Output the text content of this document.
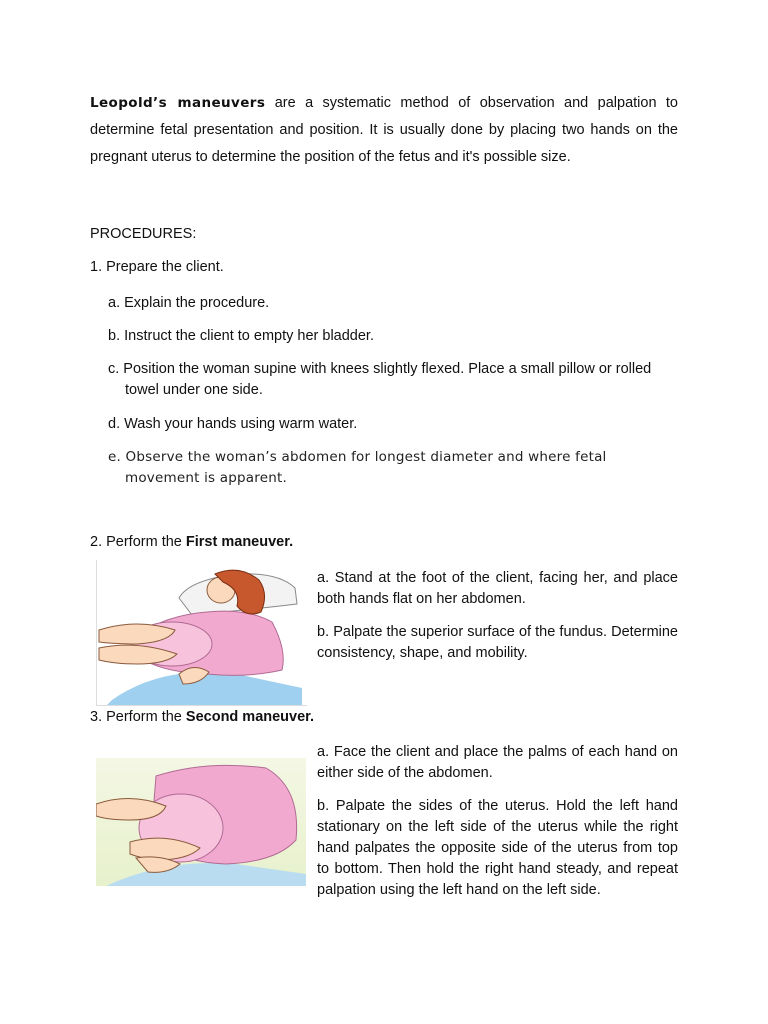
Leopold’s maneuvers are a systematic method of observation and palpation to determine fetal presentation and position. It is usually done by placing two hands on the pregnant uterus to determine the position of the fetus and it's possible size.
PROCEDURES:
1. Prepare the client.
a. Explain the procedure.
b. Instruct the client to empty her bladder.
c. Position the woman supine with knees slightly flexed. Place a small pillow or rolled towel under one side.
d. Wash your hands using warm water.
e. Observe the woman’s abdomen for longest diameter and where fetal movement is apparent.
2. Perform the First maneuver.
a. Stand at the foot of the client, facing her, and place both hands flat on her abdomen.
b. Palpate the superior surface of the fundus. Determine consistency, shape, and mobility.
3. Perform the Second maneuver.
a. Face the client and place the palms of each hand on either side of the abdomen.
b. Palpate the sides of the uterus. Hold the left hand stationary on the left side of the uterus while the right hand palpates the opposite side of the uterus from top to bottom. Then hold the right hand steady, and repeat palpation using the left hand on the left side.
